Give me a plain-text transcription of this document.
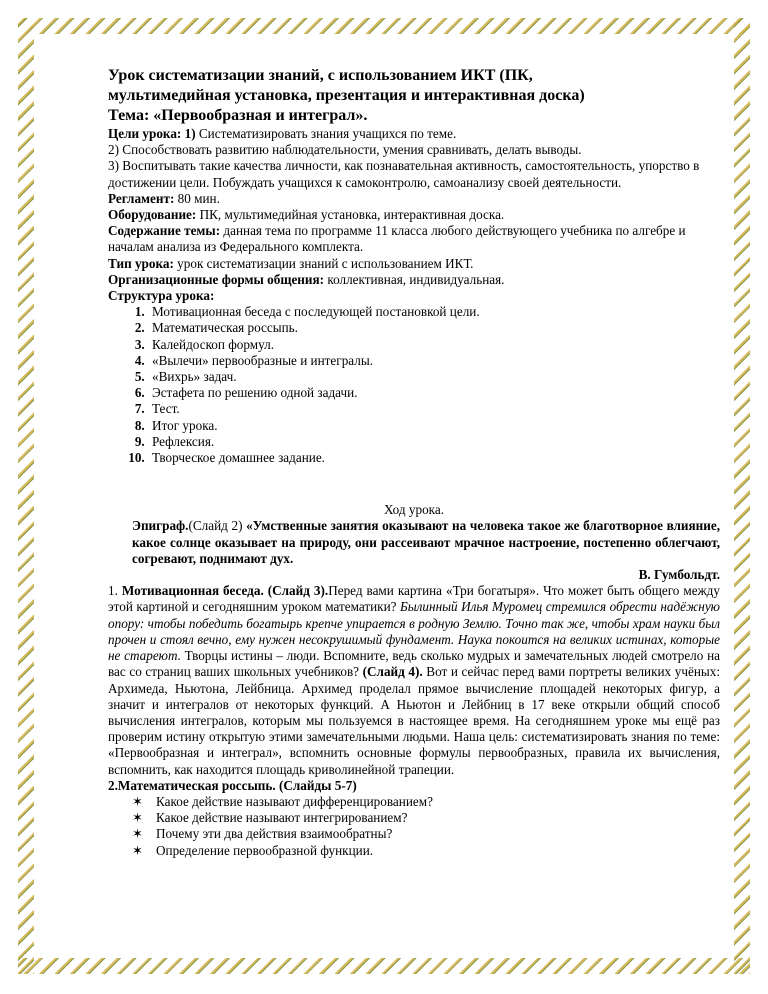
Урок систематизации знаний, с использованием ИКТ (ПК,

мультимедийная установка, презентация и интерактивная доска)

Тема: «Первообразная и интеграл».

Цели урока: 1) Систематизировать знания учащихся по теме.

2) Способствовать развитию наблюдательности, умения сравнивать, делать выводы.

3) Воспитывать такие качества личности, как познавательная активность, самостоятельность, упорство в достижении цели. Побуждать учащихся к самоконтролю, самоанализу своей деятельности.

Регламент: 80 мин.

Оборудование: ПК, мультимедийная установка, интерактивная доска.

Содержание темы: данная тема по программе 11 класса любого действующего учебника по алгебре и началам анализа из Федерального комплекта.

Тип урока: урок систематизации знаний с использованием ИКТ.

Организационные формы общения: коллективная, индивидуальная.

Структура урока:

1. Мотивационная беседа с последующей постановкой цели.
2. Математическая россыпь.
3. Калейдоскоп формул.
4. «Вылечи» первообразные и интегралы.
5. «Вихрь» задач.
6. Эстафета по решению одной задачи.
7. Тест.
8. Итог урока.
9. Рефлексия.
10. Творческое домашнее задание.

Ход урока.

Эпиграф.(Слайд 2) «Умственные занятия оказывают на человека такое же благотворное влияние, какое солнце оказывает на природу, они рассеивают мрачное настроение, постепенно облегчают, согревают, поднимают дух.

В. Гумбольдт.

1. Мотивационная беседа. (Слайд 3).Перед вами картина «Три богатыря». Что может быть общего между этой картиной и сегодняшним уроком математики? Былинный Илья Муромец стремился обрести надёжную опору: чтобы победить богатырь крепче упирается в родную Землю. Точно так же, чтобы храм науки был прочен и стоял вечно, ему нужен несокрушимый фундамент. Наука покоится на великих истинах, которые не стареют. Творцы истины – люди. Вспомните, ведь сколько мудрых и замечательных людей смотрело на вас со страниц ваших школьных учебников? (Слайд 4). Вот и сейчас перед вами портреты великих учёных: Архимеда, Ньютона, Лейбница. Архимед проделал прямое вычисление площадей некоторых фигур, а значит и интегралов от некоторых функций. А Ньютон и Лейбниц в 17 веке открыли общий способ вычисления интегралов, которым мы пользуемся в настоящее время. На сегодняшнем уроке мы ещё раз проверим истину открытую этими замечательными людьми. Наша цель: систематизировать знания по теме: «Первообразная и интеграл», вспомнить основные формулы первообразных, правила их вычисления, вспомнить, как находится площадь криволинейной трапеции.

2.Математическая россыпь. (Слайды 5-7)

✶ Какое действие называют дифференцированием?
✶ Какое действие называют интегрированием?
✶ Почему эти два действия взаимообратны?
✶ Определение первообразной функции.
